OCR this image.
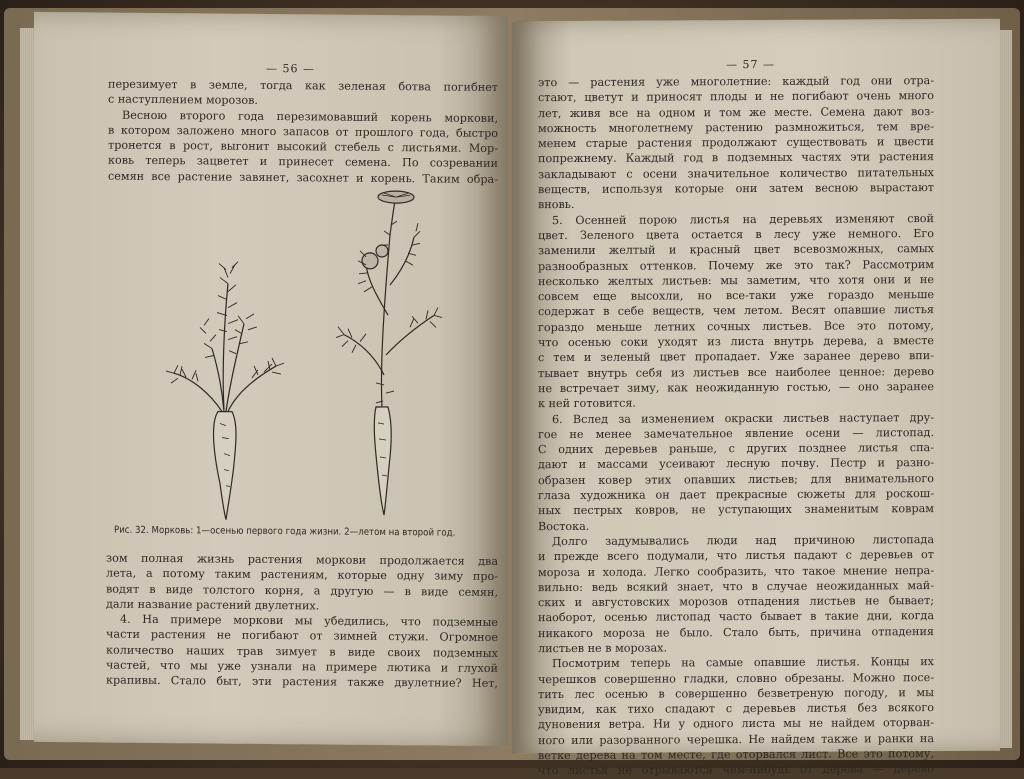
— 56 —
перезимует в земле, тогда как зеленая ботва погибнет
с наступлением морозов.
Весною второго года перезимовавший корень моркови,
в котором заложено много запасов от прошлого года, быстро
тронется в рост, выгонит высокий стебель с листьями. Мор-
ковь теперь зацветет и принесет семена. По созревании
семян все растение завянет, засохнет и корень. Таким обра-
Рис. 32. Морковь: 1—осенью первого года жизни. 2—летом на второй год.
зом полная жизнь растения моркови продолжается два
лета, а потому таким растениям, которые одну зиму про-
водят в виде толстого корня, а другую — в виде семян,
дали название растений двулетних.
4. На примере моркови мы убедились, что подземные
части растения не погибают от зимней стужи. Огромное
количество наших трав зимует в виде своих подземных
частей, что мы уже узнали на примере лютика и глухой
крапивы. Стало быт, эти растения также двулетние? Нет,
— 57 —
это — растения уже многолетние: каждый год они отра-
стают, цветут и приносят плоды и не погибают очень много
лет, живя все на одном и том же месте. Семена дают воз-
можность многолетнему растению размножиться, тем вре-
менем старые растения продолжают существовать и цвести
попрежнему. Каждый год в подземных частях эти растения
закладывают с осени значительное количество питательных
веществ, используя которые они затем весною вырастают
вновь.
5. Осенней порою листья на деревьях изменяют свой
цвет. Зеленого цвета остается в лесу уже немного. Его
заменили желтый и красный цвет всевозможных, самых
разнообразных оттенков. Почему же это так? Рассмотрим
несколько желтых листьев: мы заметим, что хотя они и не
совсем еще высохли, но все-таки уже гораздо меньше
содержат в себе веществ, чем летом. Весят опавшие листья
гораздо меньше летних сочных листьев. Все это потому,
что осенью соки уходят из листа внутрь дерева, а вместе
с тем и зеленый цвет пропадает. Уже заранее дерево впи-
тывает внутрь себя из листьев все наиболее ценное: дерево
не встречает зиму, как неожиданную гостью, — оно заранее
к ней готовится.
6. Вслед за изменением окраски листьев наступает дру-
гое не менее замечательное явление осени — листопад.
С одних деревьев раньше, с других позднее листья спа-
дают и массами усеивают лесную почву. Пестр и разно-
образен ковер этих опавших листьев; для внимательного
глаза художника он дает прекрасные сюжеты для роскош-
ных пестрых ковров, не уступающих знаменитым коврам
Востока.
Долго задумывались люди над причиною листопада
и прежде всего подумали, что листья падают с деревьев от
мороза и холода. Легко сообразить, что такое мнение непра-
вильно: ведь всякий знает, что в случае неожиданных май-
ских и августовских морозов отпадения листьев не бывает;
наоборот, осенью листопад часто бывает в такие дни, когда
никакого мороза не было. Стало быть, причина отпадения
листьев не в морозах.
Посмотрим теперь на самые опавшие листья. Концы их
черешков совершенно гладки, словно обрезаны. Можно посе-
тить лес осенью в совершенно безветреную погоду, и мы
увидим, как тихо спадают с деревьев листья без всякого
дуновения ветра. Ни у одного листа мы не найдем оторван-
ного или разорванного черешка. Не найдем также и ранки на
ветке дерева на том месте, где оторвался лист. Все это потому,
что листья не отрываются чем-нибудь от дерева — дерево
